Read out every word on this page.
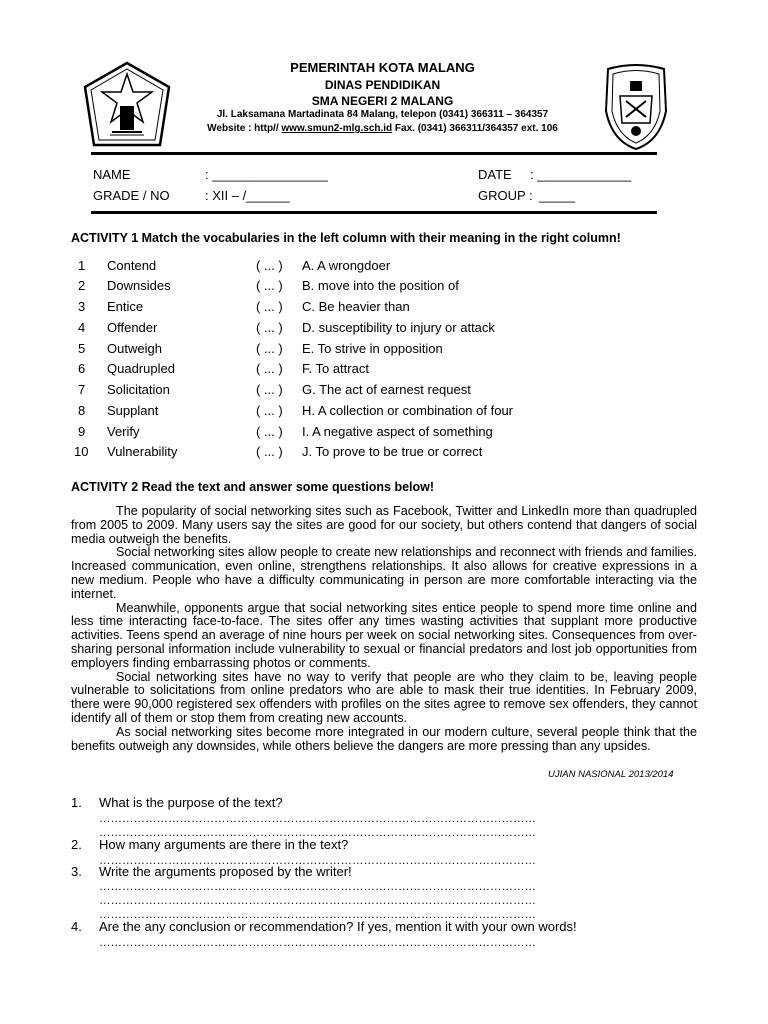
PEMERINTAH KOTA MALANG
DINAS PENDIDIKAN
SMA NEGERI 2 MALANG
Jl. Laksamana Martadinata 84 Malang, telepon (0341) 366311 – 364357
Website : http// www.smun2-mlg.sch.id Fax. (0341) 366311/364357 ext. 106
NAME	: ________________	DATE : _____________
GRADE / NO	: XII – /______	GROUP : _____
ACTIVITY 1 Match the vocabularies in the left column with their meaning in the right column!
1 Contend	( ... ) A. A wrongdoer
2 Downsides	( ... ) B. move into the position of
3 Entice	( ... ) C. Be heavier than
4 Offender	( ... ) D. susceptibility to injury or attack
5 Outweigh	( ... ) E. To strive in opposition
6 Quadrupled	( ... ) F. To attract
7 Solicitation	( ... ) G. The act of earnest request
8 Supplant	( ... ) H. A collection or combination of four
9 Verify	( ... ) I. A negative aspect of something
10 Vulnerability	( ... ) J. To prove to be true or correct
ACTIVITY 2 Read the text and answer some questions below!

The popularity of social networking sites such as Facebook, Twitter and LinkedIn more than quadrupled from 2005 to 2009. Many users say the sites are good for our society, but others contend that dangers of social media outweigh the benefits.

Social networking sites allow people to create new relationships and reconnect with friends and families. Increased communication, even online, strengthens relationships. It also allows for creative expressions in a new medium. People who have a difficulty communicating in person are more comfortable interacting via the internet.

Meanwhile, opponents argue that social networking sites entice people to spend more time online and less time interacting face-to-face. The sites offer any times wasting activities that supplant more productive activities. Teens spend an average of nine hours per week on social networking sites. Consequences from over-sharing personal information include vulnerability to sexual or financial predators and lost job opportunities from employers finding embarrassing photos or comments.

Social networking sites have no way to verify that people are who they claim to be, leaving people vulnerable to solicitations from online predators who are able to mask their true identities. In February 2009, there were 90,000 registered sex offenders with profiles on the sites agree to remove sex offenders, they cannot identify all of them or stop them from creating new accounts.

As social networking sites become more integrated in our modern culture, several people think that the benefits outweigh any downsides, while others believe the dangers are more pressing than any upsides.

UJIAN NASIONAL 2013/2014
1. What is the purpose of the text?
……………………………………………………………………………………………………
……………………………………………………………………………………………………
2. How many arguments are there in the text?
……………………………………………………………………………………………………
3. Write the arguments proposed by the writer!
……………………………………………………………………………………………………
……………………………………………………………………………………………………
……………………………………………………………………………………………………
4. Are the any conclusion or recommendation? If yes, mention it with your own words!
……………………………………………………………………………………………………
